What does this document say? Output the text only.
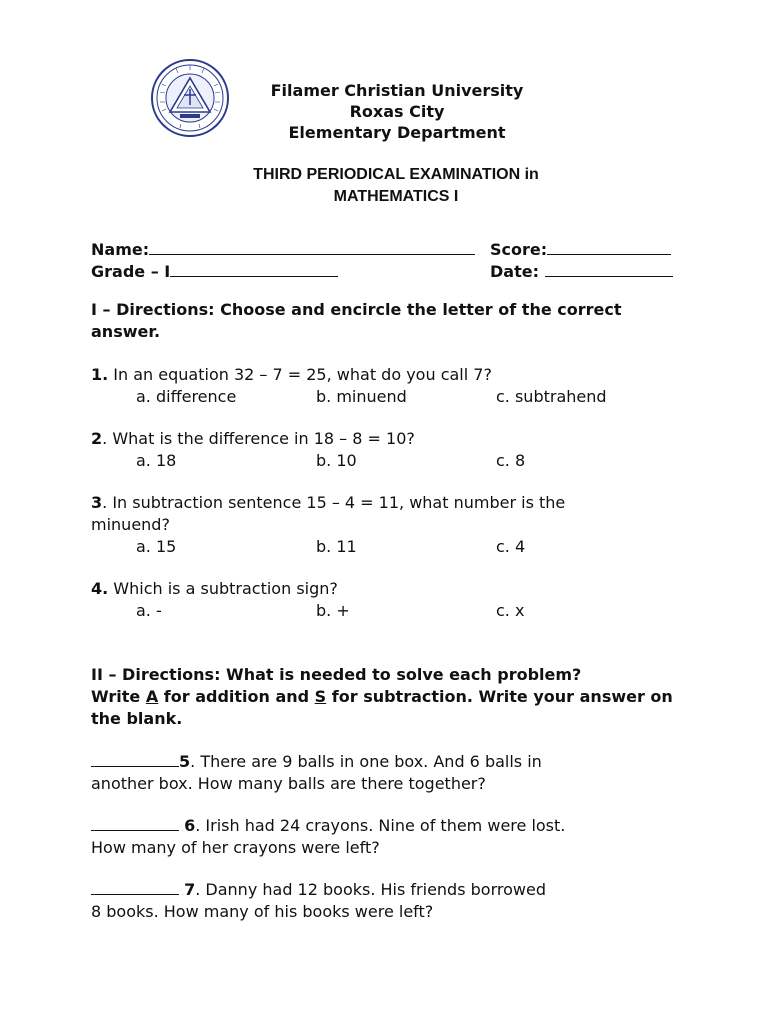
Filamer Christian University
Roxas City
Elementary Department
THIRD PERIODICAL EXAMINATION in
MATHEMATICS I
Name:	Score:
Grade – I	Date:
I – Directions: Choose and encircle the letter of the correct
answer.
1. In an equation 32 – 7 = 25, what do you call 7?
a. difference	b. minuend	c. subtrahend
2. What is the difference in 18 – 8 = 10?
a. 18	b. 10	c. 8
3. In subtraction sentence 15 – 4 = 11, what number is the
minuend?
a. 15	b. 11	c. 4
4. Which is a subtraction sign?
a. -	b. +	c. x
II – Directions: What is needed to solve each problem?
Write A for addition and S for subtraction. Write your answer on
the blank.
5. There are 9 balls in one box. And 6 balls in
another box. How many balls are there together?
6. Irish had 24 crayons. Nine of them were lost.
How many of her crayons were left?
7. Danny had 12 books. His friends borrowed
8 books. How many of his books were left?
